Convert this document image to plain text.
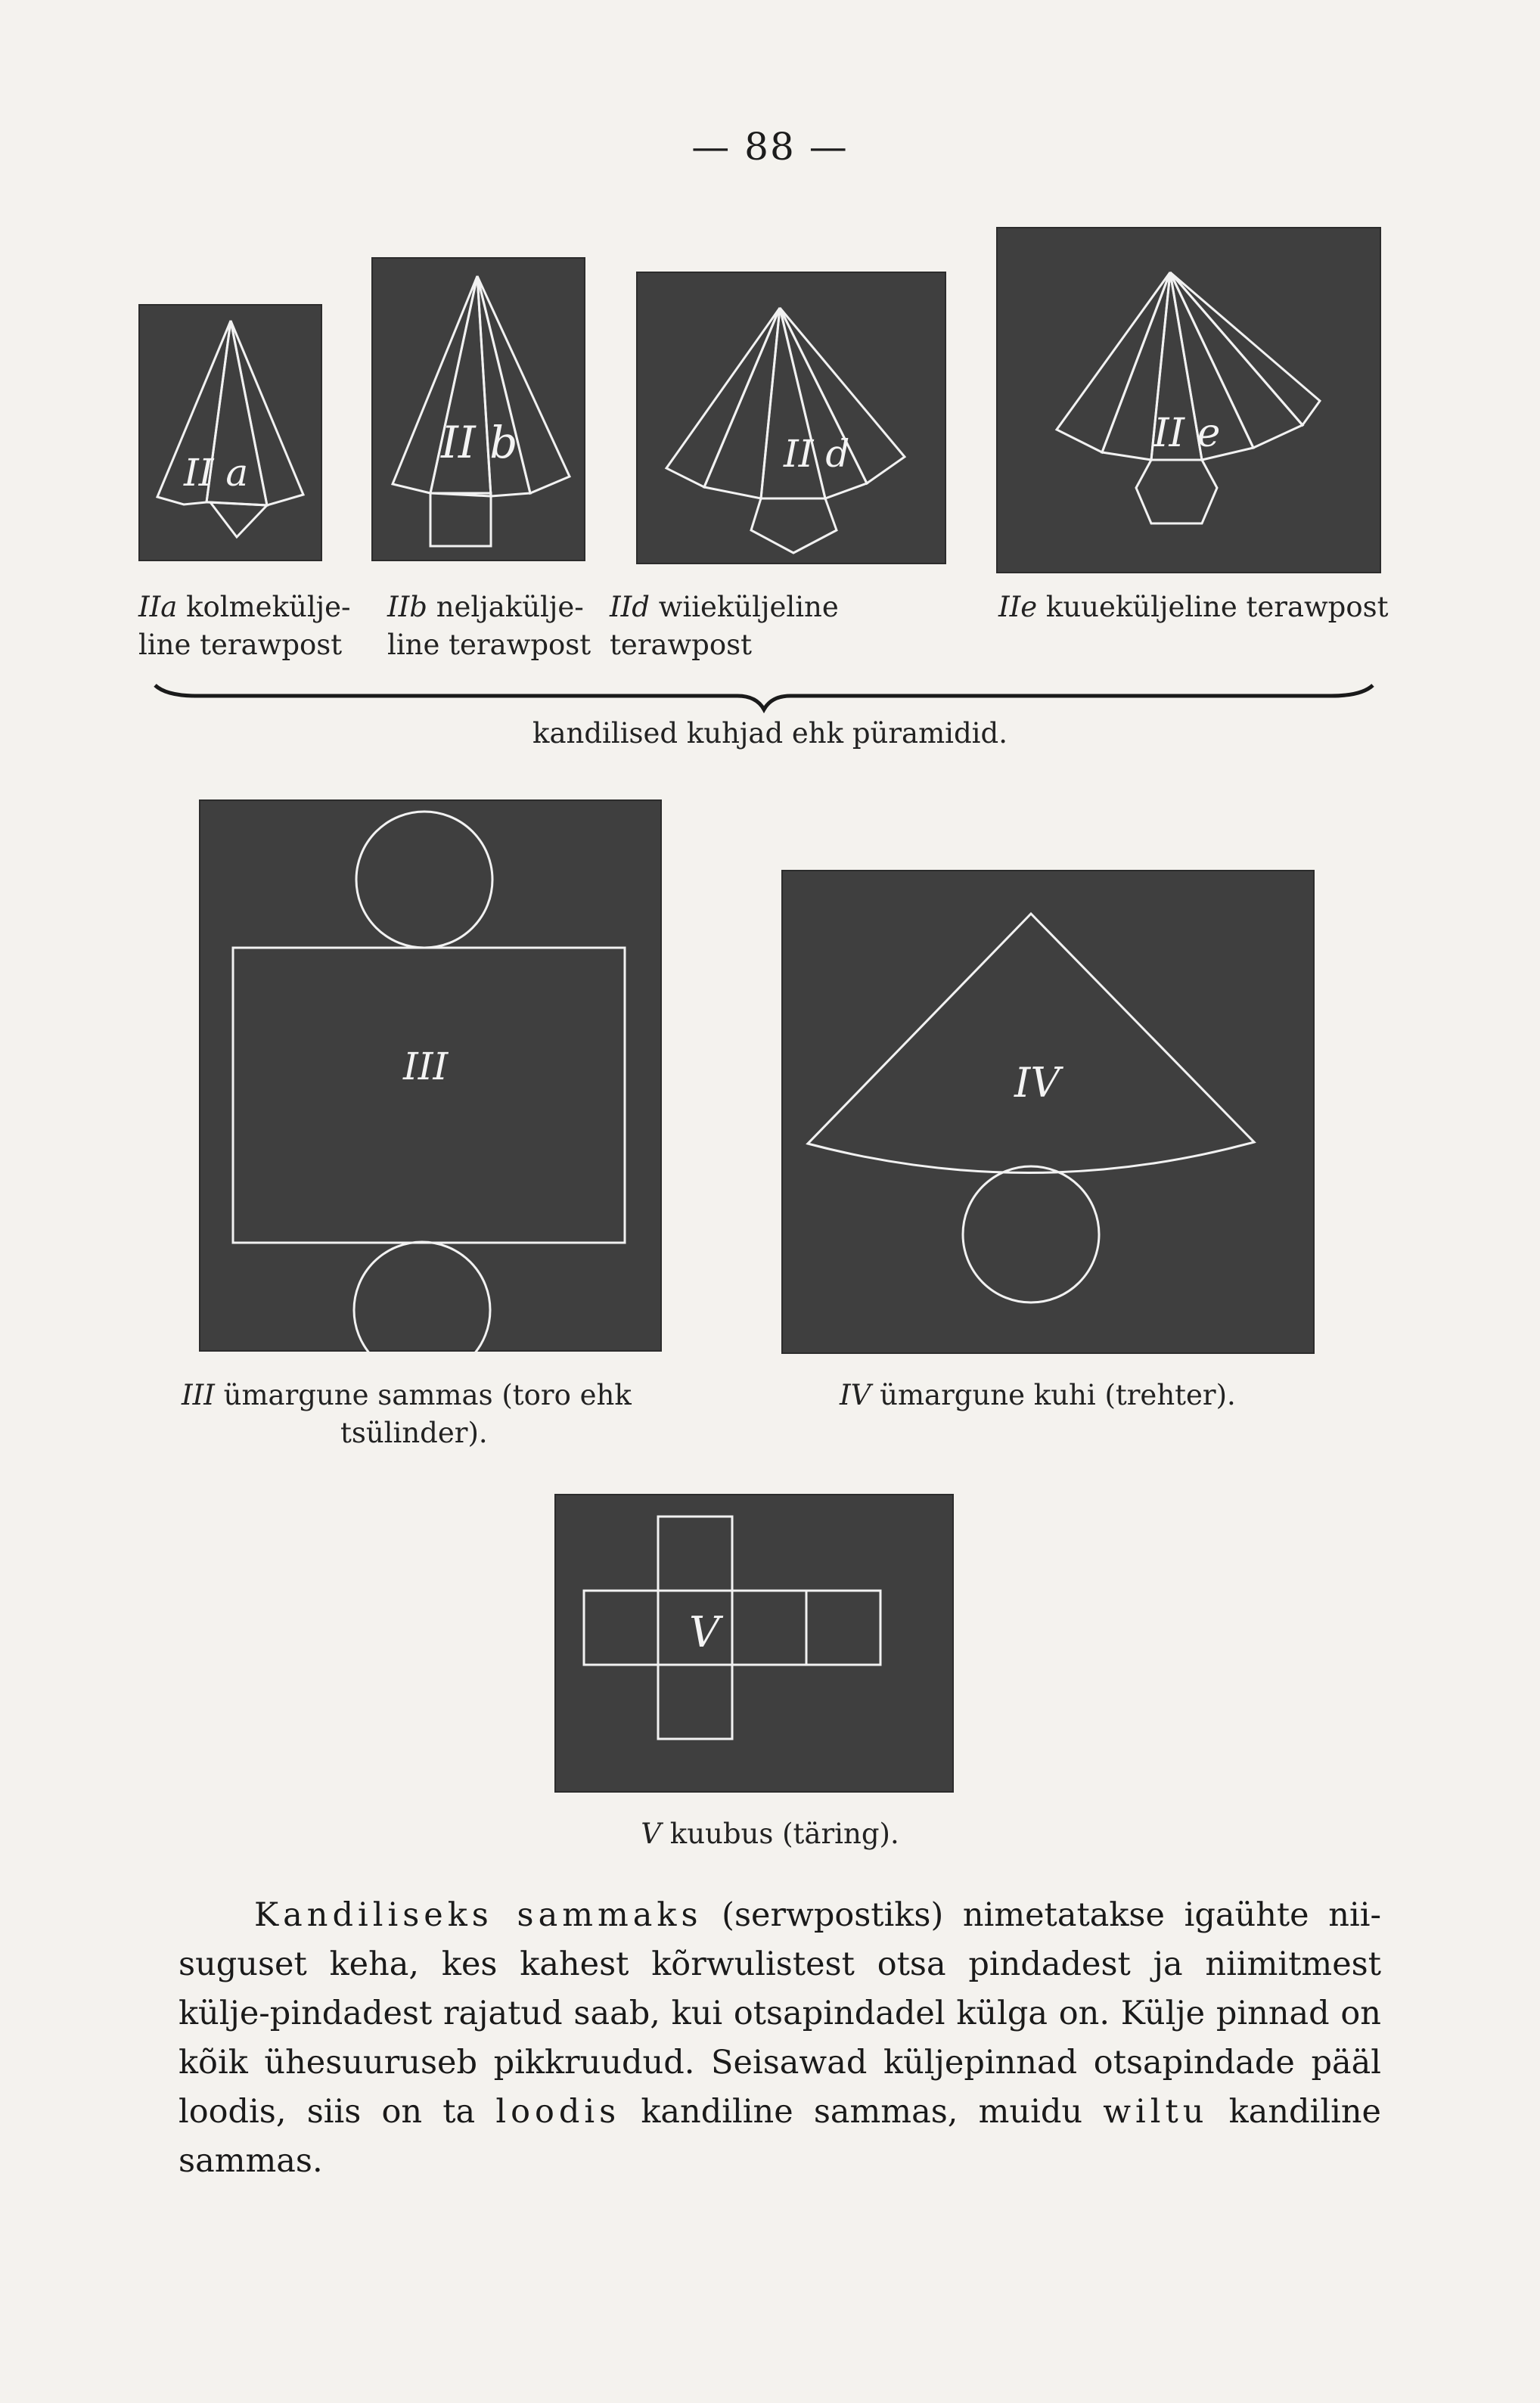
— 88 —
II a
II b	II d	II e
IIa kolmekülje-
line terawpost
IIb neljakülje-
line terawpost
IId wiieküljeline terawpost
IIe kuueküljeline terawpost
kandilised kuhjad ehk püramidid.
III	IV
III ümargune sammas (toro ehk
tsülinder).
IV ümargune kuhi (trehter).
V
V kuubus (täring).

Kandiliseks sammaks (serwpostiks) nimetatakse igaühte nii-suguset keha, kes kahest kõrwulistest otsa pindadest ja niimitmest külje-pindadest rajatud saab, kui otsapindadel külga on. Külje pinnad on kõik ühesuuruseb pikkruudud. Seisawad küljepinnad otsapindade pääl loodis, siis on ta loodis kandiline sammas, muidu wiltu kandiline sammas.
